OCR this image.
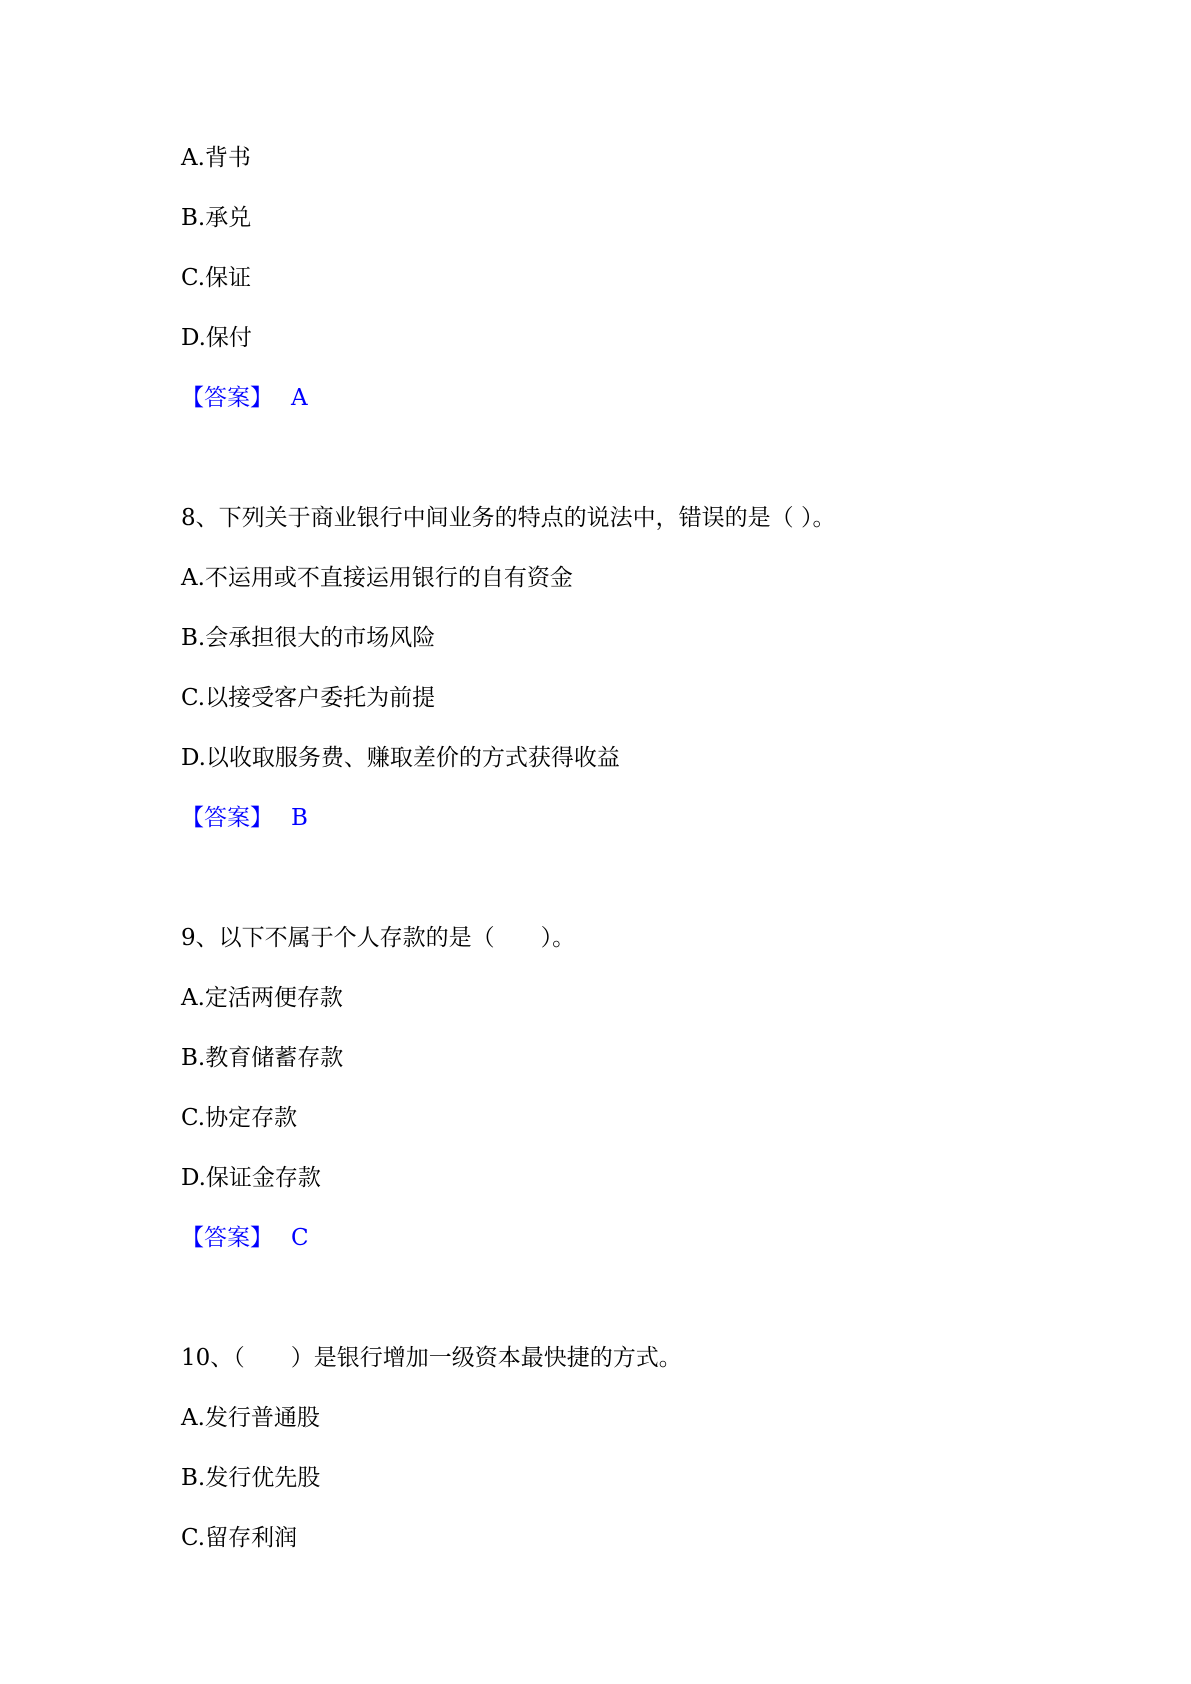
A.背书
B.承兑
C.保证
D.保付
【答案】 A
8、下列关于商业银行中间业务的特点的说法中，错误的是（ ）。
A.不运用或不直接运用银行的自有资金
B.会承担很大的市场风险
C.以接受客户委托为前提
D.以收取服务费、赚取差价的方式获得收益
【答案】 B
9、以下不属于个人存款的是（　　）。
A.定活两便存款
B.教育储蓄存款
C.协定存款
D.保证金存款
【答案】 C
10、（　　）是银行增加一级资本最快捷的方式。
A.发行普通股
B.发行优先股
C.留存利润
